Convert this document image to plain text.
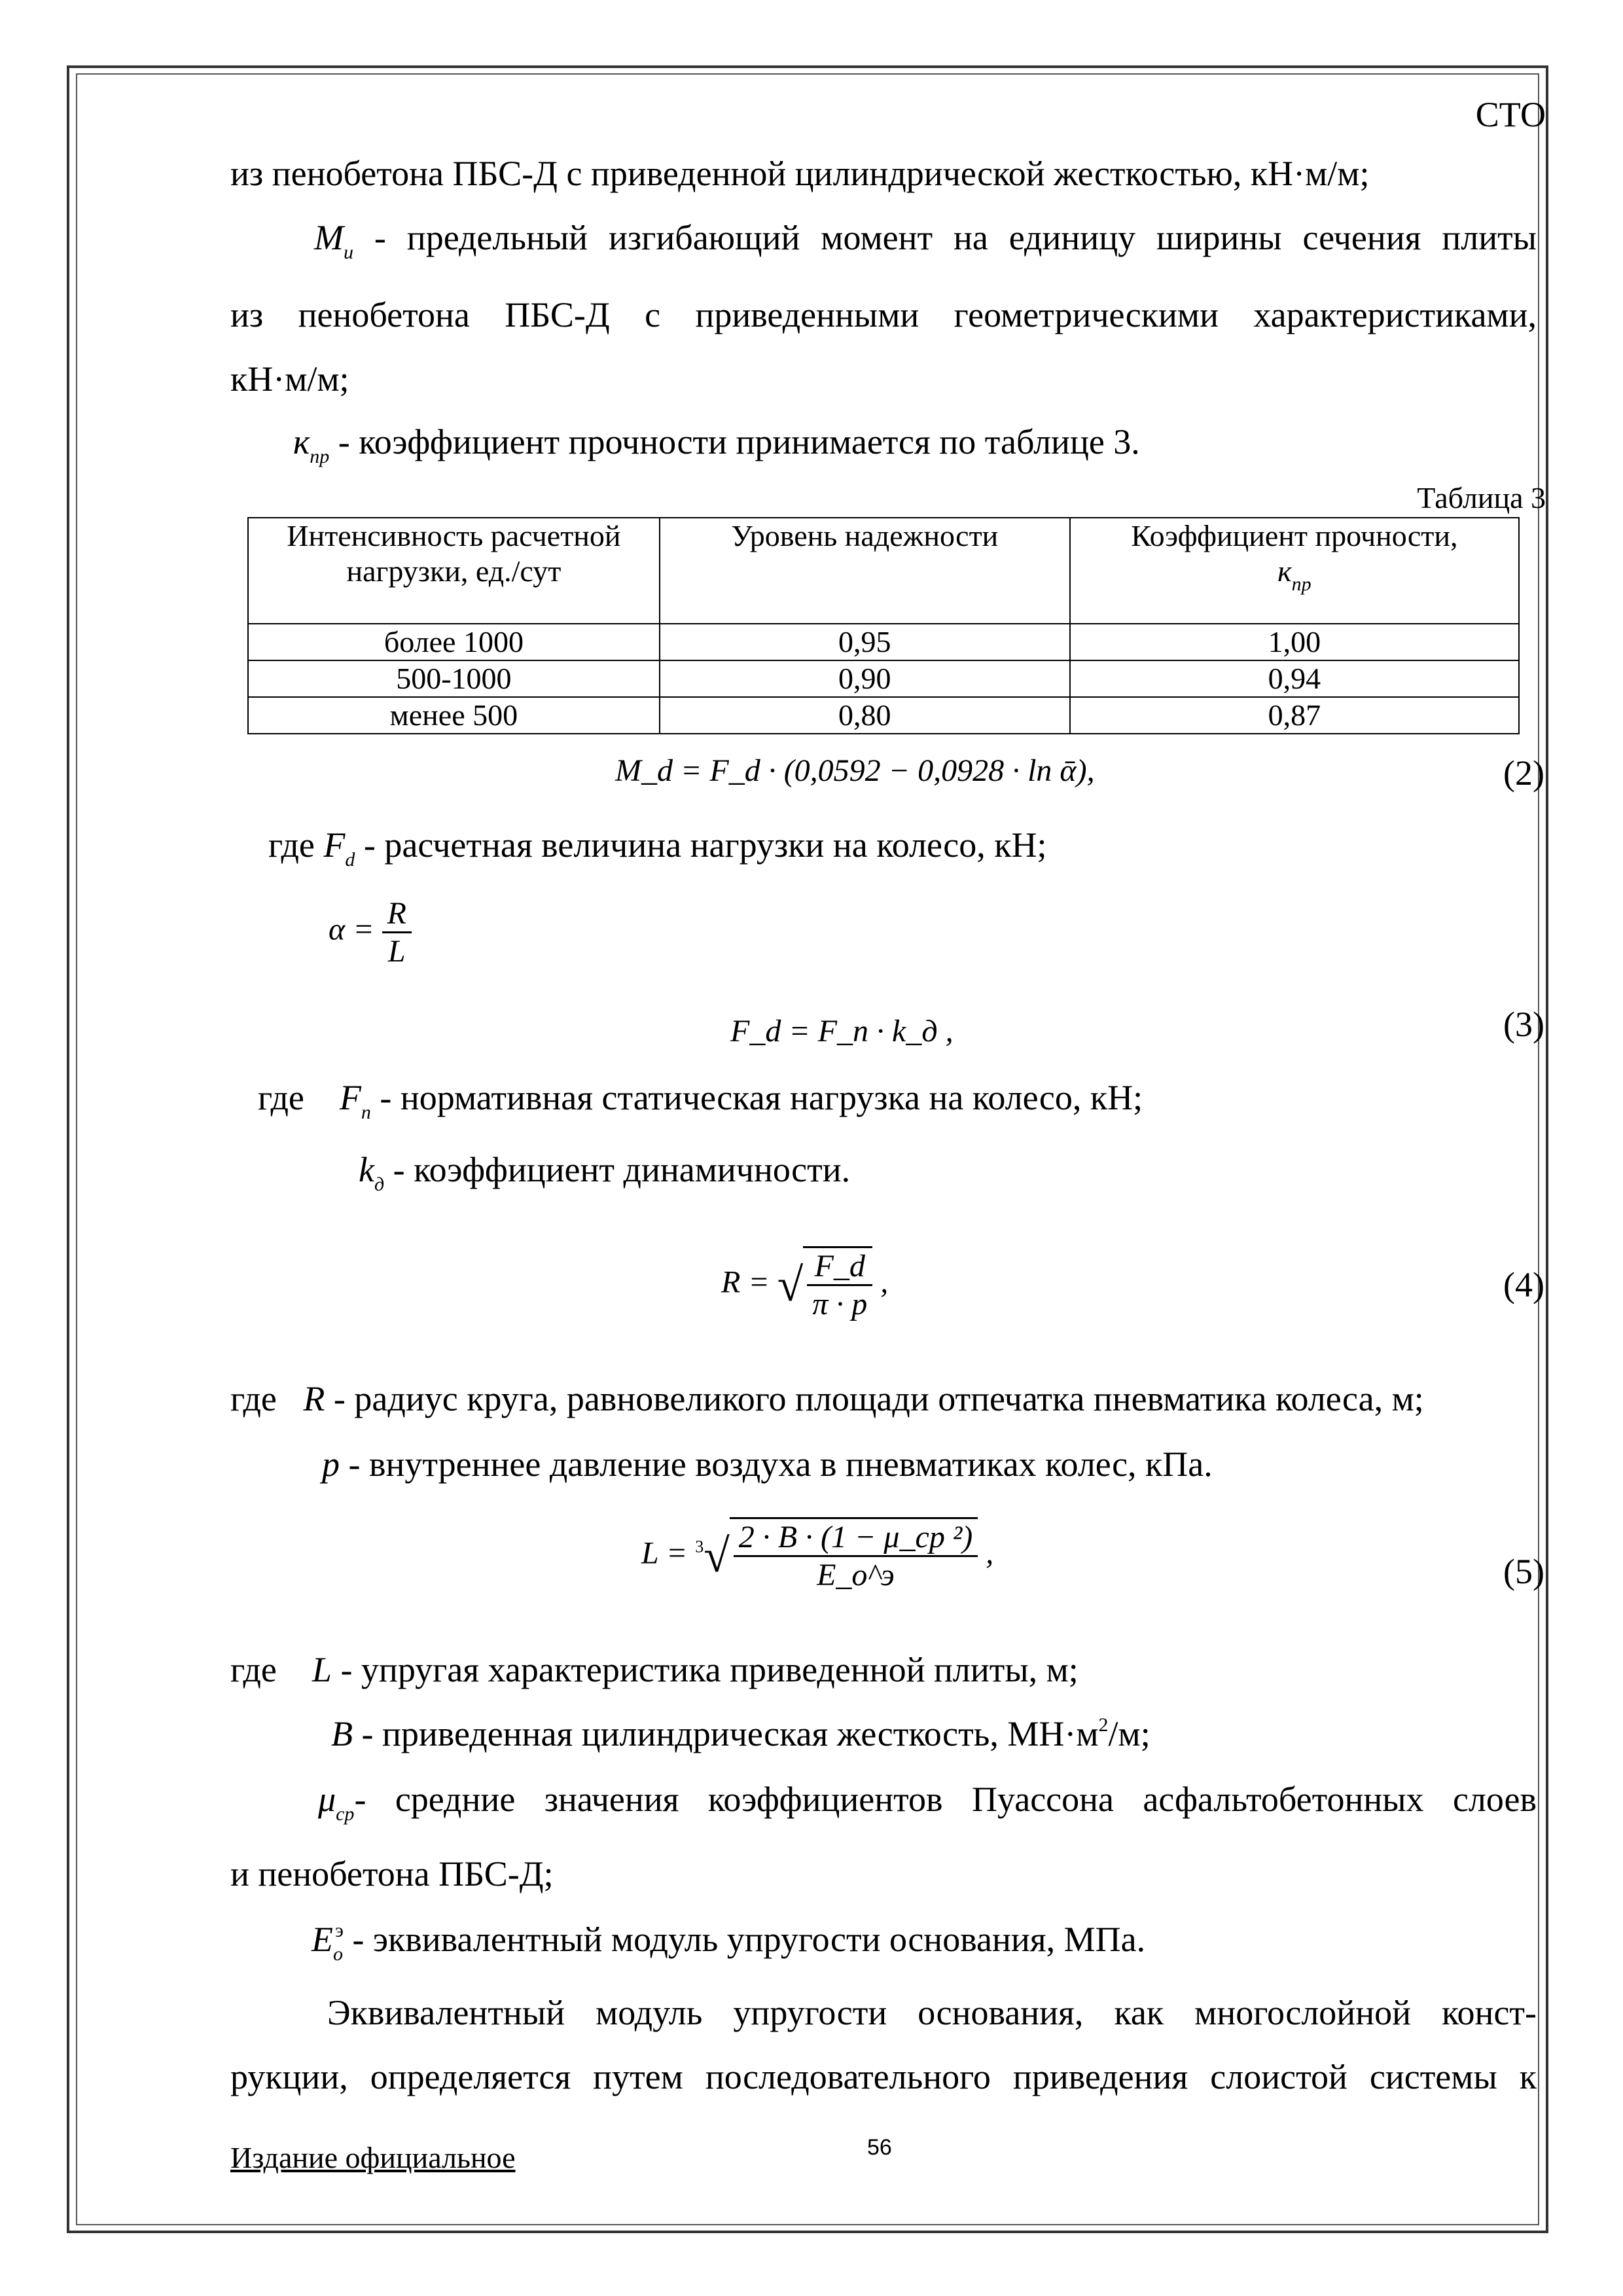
СТО
из пенобетона ПБС-Д с приведенной цилиндрической жесткостью, кН·м/м;
$M_и$ - предельный изгибающий момент на единицу ширины сечения плиты
из пенобетона ПБС-Д с приведенными геометрическими характеристиками,
кН·м/м;
$к_{пр}$ - коэффициент прочности принимается по таблице 3.
Таблица 3
Интенсивность расчетной нагрузки, ед./сут	Уровень надежности	Коэффициент прочности,
$к_{пр}$
более 1000	0,95	1,00
500-1000	0,90	0,94
менее 500	0,80	0,87
M_d = F_d · (0,0592 − 0,0928 · ln ᾱ),	(2)
где $F_d$ - расчетная величина нагрузки на колесо, кН;
$\alpha = \frac{R}{L}$
F_d = F_n · k_д ,	(3)
где $F_n$ - нормативная статическая нагрузка на колесо, кН;
$k_д$ - коэффициент динамичности.
R = √ $\frac{F\_d}{\pi \cdot p}$ ,	(4)
где R - радиус круга, равновеликого площади отпечатка пневматика колеса, м;
p - внутреннее давление воздуха в пневматиках колес, кПа.
$L = ^3√ \frac{\text{2 · B · (1 − μ\_ср ²)}}{E\_o\^{}э}$ ,	(5)
где L - упругая характеристика приведенной плиты, м;
B - приведенная цилиндрическая жесткость, $МН\cdot м^2/м$;
$\mu_{ср}-$ средние значения коэффициентов Пуассона асфальтобетонных слоев
и пенобетона ПБС-Д;
$E_o^э$ - эквивалентный модуль упругости основания, МПа.
Эквивалентный модуль упругости основания, как многослойной конст-
рукции, определяется путем последовательного приведения слоистой системы к
Издание официальное	56
